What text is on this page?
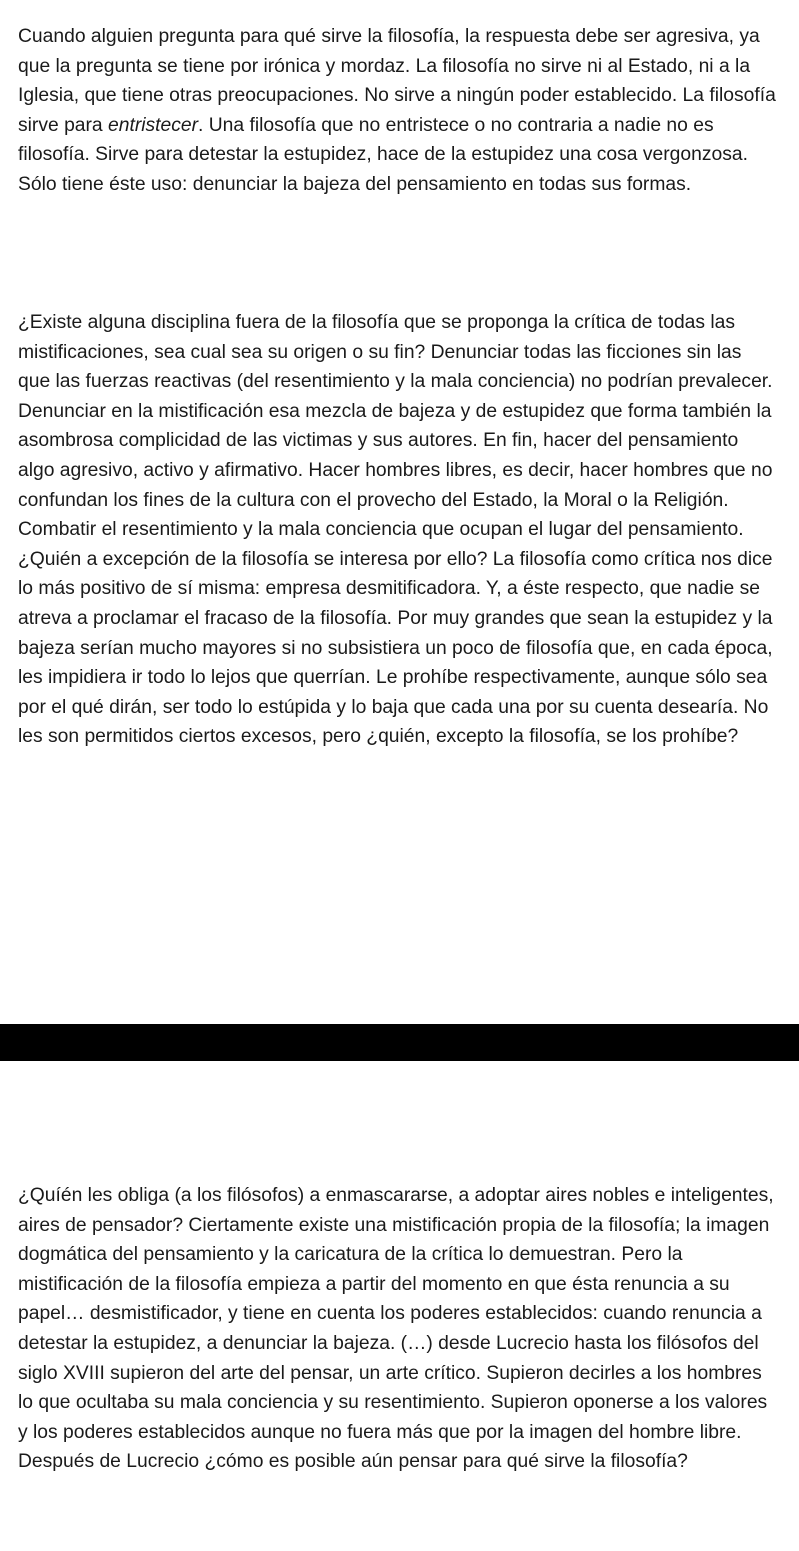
Cuando alguien pregunta para qué sirve la filosofía, la respuesta debe ser agresiva, ya que la pregunta se tiene por irónica y mordaz. La filosofía no sirve ni al Estado, ni a la Iglesia, que tiene otras preocupaciones. No sirve a ningún poder establecido. La filosofía sirve para entristecer. Una filosofía que no entristece o no contraria a nadie no es filosofía. Sirve para detestar la estupidez, hace de la estupidez una cosa vergonzosa. Sólo tiene éste uso: denunciar la bajeza del pensamiento en todas sus formas.

¿Existe alguna disciplina fuera de la filosofía que se proponga la crítica de todas las mistificaciones, sea cual sea su origen o su fin? Denunciar todas las ficciones sin las que las fuerzas reactivas (del resentimiento y la mala conciencia) no podrían prevalecer. Denunciar en la mistificación esa mezcla de bajeza y de estupidez que forma también la asombrosa complicidad de las victimas y sus autores. En fin, hacer del pensamiento algo agresivo, activo y afirmativo. Hacer hombres libres, es decir, hacer hombres que no confundan los fines de la cultura con el provecho del Estado, la Moral o la Religión. Combatir el resentimiento y la mala conciencia que ocupan el lugar del pensamiento. ¿Quién a excepción de la filosofía se interesa por ello? La filosofía como crítica nos dice lo más positivo de sí misma: empresa desmitificadora. Y, a éste respecto, que nadie se atreva a proclamar el fracaso de la filosofía. Por muy grandes que sean la estupidez y la bajeza serían mucho mayores si no subsistiera un poco de filosofía que, en cada época, les impidiera ir todo lo lejos que querrían. Le prohíbe respectivamente, aunque sólo sea por el qué dirán, ser todo lo estúpida y lo baja que cada una por su cuenta desearía. No les son permitidos ciertos excesos, pero ¿quién, excepto la filosofía, se los prohíbe?

¿Quíén les obliga (a los filósofos) a enmascararse, a adoptar aires nobles e inteligentes, aires de pensador? Ciertamente existe una mistificación propia de la filosofía; la imagen dogmática del pensamiento y la caricatura de la crítica lo demuestran. Pero la mistificación de la filosofía empieza a partir del momento en que ésta renuncia a su papel… desmistificador, y tiene en cuenta los poderes establecidos: cuando renuncia a detestar la estupidez, a denunciar la bajeza. (…) desde Lucrecio hasta los filósofos del siglo XVIII supieron del arte del pensar, un arte crítico. Supieron decirles a los hombres lo que ocultaba su mala conciencia y su resentimiento. Supieron oponerse a los valores y los poderes establecidos aunque no fuera más que por la imagen del hombre libre. Después de Lucrecio ¿cómo es posible aún pensar para qué sirve la filosofía?
